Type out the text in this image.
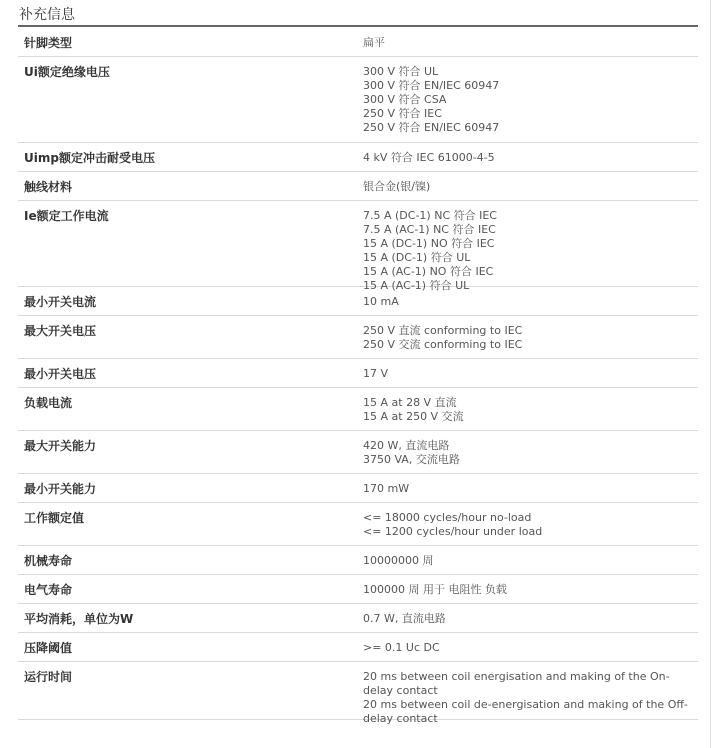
补充信息
针脚类型	扁平
Ui额定绝缘电压	300 V 符合 UL
300 V 符合 EN/IEC 60947
300 V 符合 CSA
250 V 符合 IEC
250 V 符合 EN/IEC 60947
Uimp额定冲击耐受电压	4 kV 符合 IEC 61000-4-5
触线材料	银合金(银/镍)
Ie额定工作电流	7.5 A (DC-1) NC 符合 IEC
7.5 A (AC-1) NC 符合 IEC
15 A (DC-1) NO 符合 IEC
15 A (DC-1) 符合 UL
15 A (AC-1) NO 符合 IEC
15 A (AC-1) 符合 UL
最小开关电流	10 mA
最大开关电压	250 V 直流 conforming to IEC
250 V 交流 conforming to IEC
最小开关电压	17 V
负载电流	15 A at 28 V 直流
15 A at 250 V 交流
最大开关能力	420 W, 直流电路
3750 VA, 交流电路
最小开关能力	170 mW
工作额定值	<= 18000 cycles/hour no-load
<= 1200 cycles/hour under load
机械寿命	10000000 周
电气寿命	100000 周 用于 电阻性 负载
平均消耗，单位为W	0.7 W, 直流电路
压降阈值	>= 0.1 Uc DC
运行时间	20 ms between coil energisation and making of the On-delay contact
20 ms between coil de-energisation and making of the Off-delay contact
